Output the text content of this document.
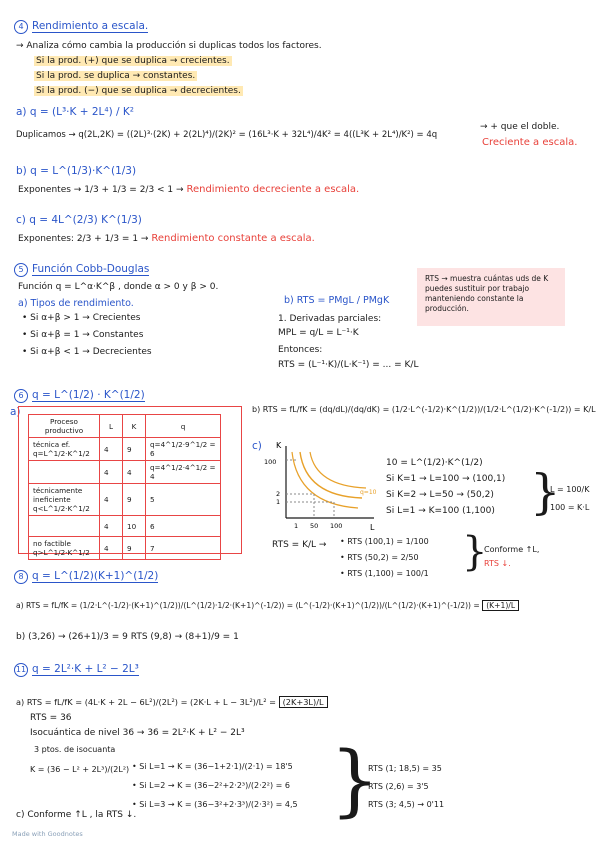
4 Rendimiento a escala.
→ Analiza cómo cambia la producción si duplicas todos los factores.
Si la prod. (+) que se duplica → crecientes.
Si la prod. se duplica → constantes.
Si la prod. (−) que se duplica → decrecientes.
a) q = (L³·K + 2L⁴) / K²
Duplicamos → q(2L,2K) = ((2L)³·(2K) + 2(2L)⁴)/(2K)² = (16L³·K + 32L⁴)/4K² = 4((L³K + 2L⁴)/K²) = 4q
→ + que el doble.
Creciente a escala.
b) q = L^(1/3)·K^(1/3)
Exponentes → 1/3 + 1/3 = 2/3 < 1 → Rendimiento decreciente a escala.
c) q = 4L^(2/3) K^(1/3)
Exponentes: 2/3 + 1/3 = 1 → Rendimiento constante a escala.
5 Función Cobb-Douglas
Función q = L^α·K^β , donde α > 0 y β > 0.
a) Tipos de rendimiento.
• Si α+β > 1 → Crecientes
• Si α+β = 1 → Constantes
• Si α+β < 1 → Decrecientes
b) RTS = PMgL / PMgK
1. Derivadas parciales:
MPL = q/L = L⁻¹·K
Entonces:
RTS = (L⁻¹·K)/(L·K⁻¹) = ... = K/L
RTS → muestra cuántas uds de K puedes sustituir por trabajo manteniendo constante la producción.
6 q = L^(1/2) · K^(1/2)
a)
Proceso productivo	L	K	q
técnica ef. q=L^1/2·K^1/2	4	9	q=4^1/2·9^1/2 = 6
	4	4	q=4^1/2·4^1/2 = 4
técnicamente ineficiente q<L^1/2·K^1/2	4	9	5
	4	10	6
no factible q>L^1/2·K^1/2	4	9	7
b) RTS = fL/fK = (dq/dL)/(dq/dK) = (1/2·L^(-1/2)·K^(1/2))/(1/2·L^(1/2)·K^(-1/2)) = K/L
c) K
L
100
2
1
1 50 100
q=10
10 = L^(1/2)·K^(1/2)
Si K=1 → L=100 → (100,1)
Si K=2 → L=50 → (50,2)
Si L=1 → K=100 (1,100) }
L = 100/K
100 = K·L
RTS = K/L → • RTS (100,1) = 1/100
• RTS (50,2) = 2/50
• RTS (1,100) = 100/1 }
Conforme ↑L,
RTS ↓.
8 q = L^(1/2)(K+1)^(1/2)
a) RTS = fL/fK = (1/2·L^(-1/2)·(K+1)^(1/2))/(L^(1/2)·1/2·(K+1)^(-1/2)) = (L^(-1/2)·(K+1)^(1/2))/(L^(1/2)·(K+1)^(-1/2)) = (K+1)/L
b) (3,26) → (26+1)/3 = 9 RTS (9,8) → (8+1)/9 = 1
11 q = 2L²·K + L² − 2L³
a) RTS = fL/fK = (4L·K + 2L − 6L²)/(2L²) = (2K·L + L − 3L²)/L² = (2K+3L)/L
RTS = 36
Isocuántica de nivel 36 → 36 = 2L²·K + L² − 2L³
3 ptos. de isocuanta
K = (36 − L² + 2L³)/(2L²) • Si L=1 → K = (36−1+2·1)/(2·1) = 18'5
• Si L=2 → K = (36−2²+2·2³)/(2·2²) = 6
• Si L=3 → K = (36−3²+2·3³)/(2·3²) = 4,5 }
RTS (1; 18,5) = 35
RTS (2,6) = 3'5
RTS (3; 4,5) → 0'11
c) Conforme ↑L , la RTS ↓.
Made with Goodnotes
